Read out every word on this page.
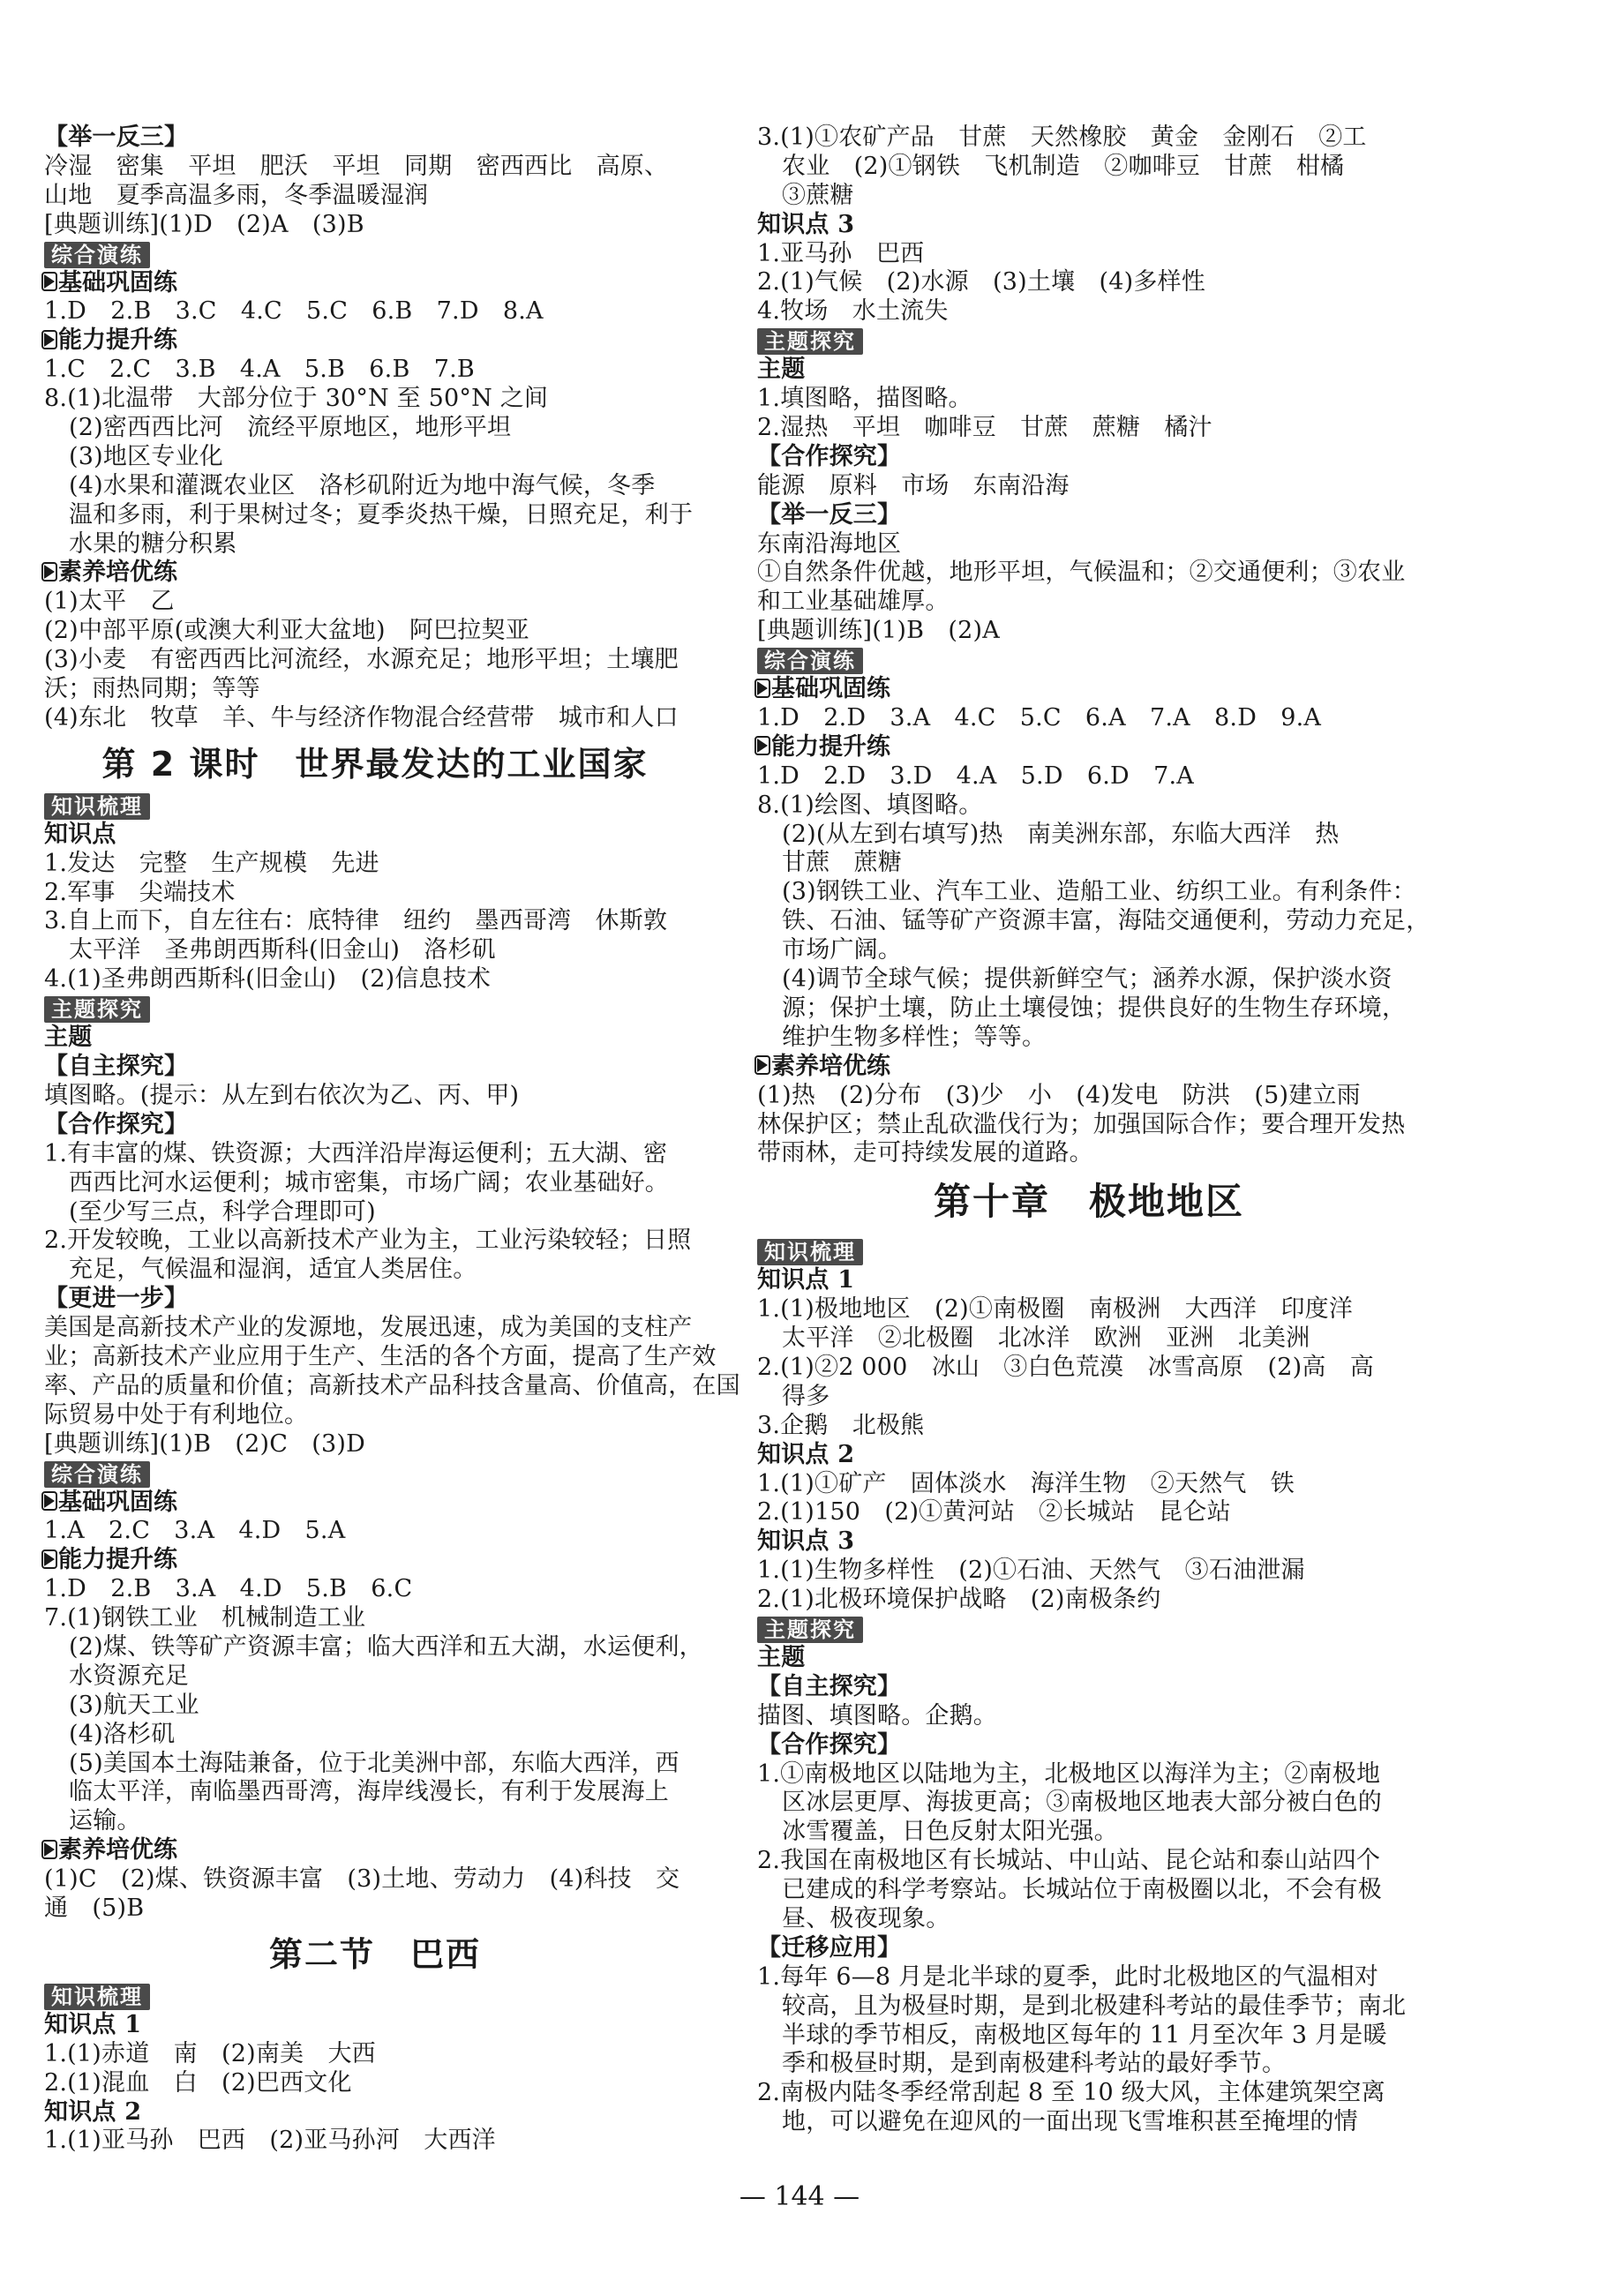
【举一反三】
冷湿　密集　平坦　肥沃　平坦　同期　密西西比　高原、
山地　夏季高温多雨，冬季温暖湿润
[典题训练](1)D　(2)A　(3)B
综合演练
基础巩固练
1.D　2.B　3.C　4.C　5.C　6.B　7.D　8.A
能力提升练
1.C　2.C　3.B　4.A　5.B　6.B　7.B
8.(1)北温带　大部分位于 30°N 至 50°N 之间
(2)密西西比河　流经平原地区，地形平坦
(3)地区专业化
(4)水果和灌溉农业区　洛杉矶附近为地中海气候，冬季
温和多雨，利于果树过冬；夏季炎热干燥，日照充足，利于
水果的糖分积累
素养培优练
(1)太平　乙
(2)中部平原(或澳大利亚大盆地)　阿巴拉契亚
(3)小麦　有密西西比河流经，水源充足；地形平坦；土壤肥
沃；雨热同期；等等
(4)东北　牧草　羊、牛与经济作物混合经营带　城市和人口
第 2 课时　世界最发达的工业国家
知识梳理
知识点
1.发达　完整　生产规模　先进
2.军事　尖端技术
3.自上而下，自左往右：底特律　纽约　墨西哥湾　休斯敦
太平洋　圣弗朗西斯科(旧金山)　洛杉矶
4.(1)圣弗朗西斯科(旧金山)　(2)信息技术
主题探究
主题
【自主探究】
填图略。(提示：从左到右依次为乙、丙、甲)
【合作探究】
1.有丰富的煤、铁资源；大西洋沿岸海运便利；五大湖、密
西西比河水运便利；城市密集，市场广阔；农业基础好。
(至少写三点，科学合理即可)
2.开发较晚，工业以高新技术产业为主，工业污染较轻；日照
充足，气候温和湿润，适宜人类居住。
【更进一步】
美国是高新技术产业的发源地，发展迅速，成为美国的支柱产
业；高新技术产业应用于生产、生活的各个方面，提高了生产效
率、产品的质量和价值；高新技术产品科技含量高、价值高，在国
际贸易中处于有利地位。
[典题训练](1)B　(2)C　(3)D
综合演练
基础巩固练
1.A　2.C　3.A　4.D　5.A
能力提升练
1.D　2.B　3.A　4.D　5.B　6.C
7.(1)钢铁工业　机械制造工业
(2)煤、铁等矿产资源丰富；临大西洋和五大湖，水运便利，
水资源充足
(3)航天工业
(4)洛杉矶
(5)美国本土海陆兼备，位于北美洲中部，东临大西洋，西
临太平洋，南临墨西哥湾，海岸线漫长，有利于发展海上
运输。
素养培优练
(1)C　(2)煤、铁资源丰富　(3)土地、劳动力　(4)科技　交
通　(5)B
第二节　巴西
知识梳理
知识点 1
1.(1)赤道　南　(2)南美　大西
2.(1)混血　白　(2)巴西文化
知识点 2
1.(1)亚马孙　巴西　(2)亚马孙河　大西洋
3.(1)①农矿产品　甘蔗　天然橡胶　黄金　金刚石　②工
农业　(2)①钢铁　飞机制造　②咖啡豆　甘蔗　柑橘
③蔗糖
知识点 3
1.亚马孙　巴西
2.(1)气候　(2)水源　(3)土壤　(4)多样性
4.牧场　水土流失
主题探究
主题
1.填图略，描图略。
2.湿热　平坦　咖啡豆　甘蔗　蔗糖　橘汁
【合作探究】
能源　原料　市场　东南沿海
【举一反三】
东南沿海地区
①自然条件优越，地形平坦，气候温和；②交通便利；③农业
和工业基础雄厚。
[典题训练](1)B　(2)A
综合演练
基础巩固练
1.D　2.D　3.A　4.C　5.C　6.A　7.A　8.D　9.A
能力提升练
1.D　2.D　3.D　4.A　5.D　6.D　7.A
8.(1)绘图、填图略。
(2)(从左到右填写)热　南美洲东部，东临大西洋　热
甘蔗　蔗糖
(3)钢铁工业、汽车工业、造船工业、纺织工业。有利条件：
铁、石油、锰等矿产资源丰富，海陆交通便利，劳动力充足，
市场广阔。
(4)调节全球气候；提供新鲜空气；涵养水源，保护淡水资
源；保护土壤，防止土壤侵蚀；提供良好的生物生存环境，
维护生物多样性；等等。
素养培优练
(1)热　(2)分布　(3)少　小　(4)发电　防洪　(5)建立雨
林保护区；禁止乱砍滥伐行为；加强国际合作；要合理开发热
带雨林，走可持续发展的道路。
第十章　极地地区
知识梳理
知识点 1
1.(1)极地地区　(2)①南极圈　南极洲　大西洋　印度洋
太平洋　②北极圈　北冰洋　欧洲　亚洲　北美洲
2.(1)②2 000　冰山　③白色荒漠　冰雪高原　(2)高　高
得多
3.企鹅　北极熊
知识点 2
1.(1)①矿产　固体淡水　海洋生物　②天然气　铁
2.(1)150　(2)①黄河站　②长城站　昆仑站
知识点 3
1.(1)生物多样性　(2)①石油、天然气　③石油泄漏
2.(1)北极环境保护战略　(2)南极条约
主题探究
主题
【自主探究】
描图、填图略。企鹅。
【合作探究】
1.①南极地区以陆地为主，北极地区以海洋为主；②南极地
区冰层更厚、海拔更高；③南极地区地表大部分被白色的
冰雪覆盖，日色反射太阳光强。
2.我国在南极地区有长城站、中山站、昆仑站和泰山站四个
已建成的科学考察站。长城站位于南极圈以北，不会有极
昼、极夜现象。
【迁移应用】
1.每年 6—8 月是北半球的夏季，此时北极地区的气温相对
较高，且为极昼时期，是到北极建科考站的最佳季节；南北
半球的季节相反，南极地区每年的 11 月至次年 3 月是暖
季和极昼时期，是到南极建科考站的最好季节。
2.南极内陆冬季经常刮起 8 至 10 级大风，主体建筑架空离
地，可以避免在迎风的一面出现飞雪堆积甚至掩埋的情
— 144 —
